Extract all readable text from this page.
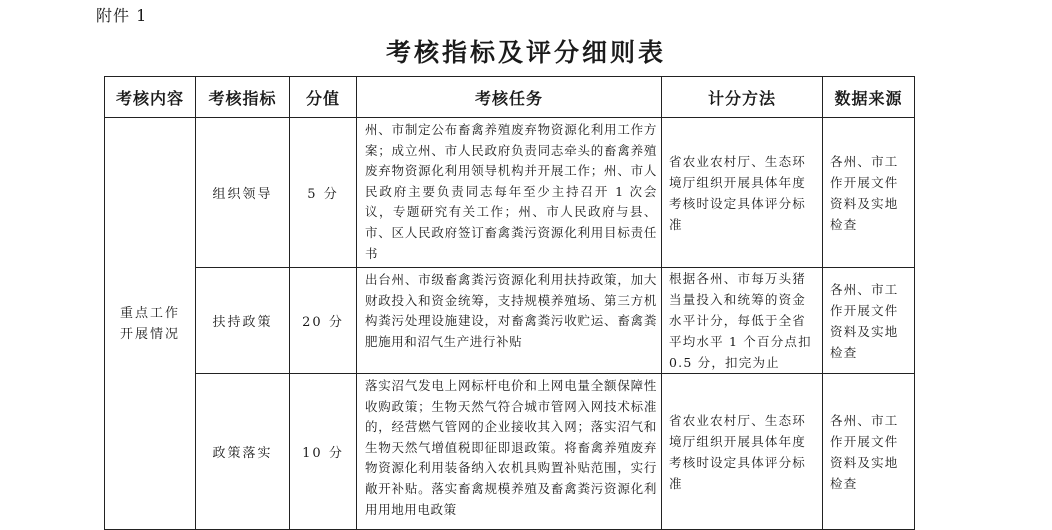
附件 1
考核指标及评分细则表
考核内容	考核指标	分值	考核任务	计分方法	数据来源

重点工作
开展情况	组织领导	5 分	州、市制定公布畜禽养殖废弃物资源化利用工作方案；成立州、市人民政府负责同志牵头的畜禽养殖废弃物资源化利用领导机构并开展工作；州、市人民政府主要负责同志每年至少主持召开 1 次会议，专题研究有关工作；州、市人民政府与县、市、区人民政府签订畜禽粪污资源化利用目标责任书	省农业农村厅、生态环境厅组织开展具体年度考核时设定具体评分标准	各州、市工作开展文件资料及实地检查
	扶持政策	20 分	出台州、市级畜禽粪污资源化利用扶持政策，加大财政投入和资金统筹，支持规模养殖场、第三方机构粪污处理设施建设，对畜禽粪污收贮运、畜禽粪肥施用和沼气生产进行补贴	根据各州、市每万头猪当量投入和统筹的资金水平计分，每低于全省平均水平 1 个百分点扣 0.5 分，扣完为止	各州、市工作开展文件资料及实地检查
	政策落实	10 分	落实沼气发电上网标杆电价和上网电量全额保障性收购政策；生物天然气符合城市管网入网技术标准的，经营燃气管网的企业接收其入网；落实沼气和生物天然气增值税即征即退政策。将畜禽养殖废弃物资源化利用装备纳入农机具购置补贴范围，实行敞开补贴。落实畜禽规模养殖及畜禽粪污资源化利用用地用电政策	省农业农村厅、生态环境厅组织开展具体年度考核时设定具体评分标准	各州、市工作开展文件资料及实地检查
